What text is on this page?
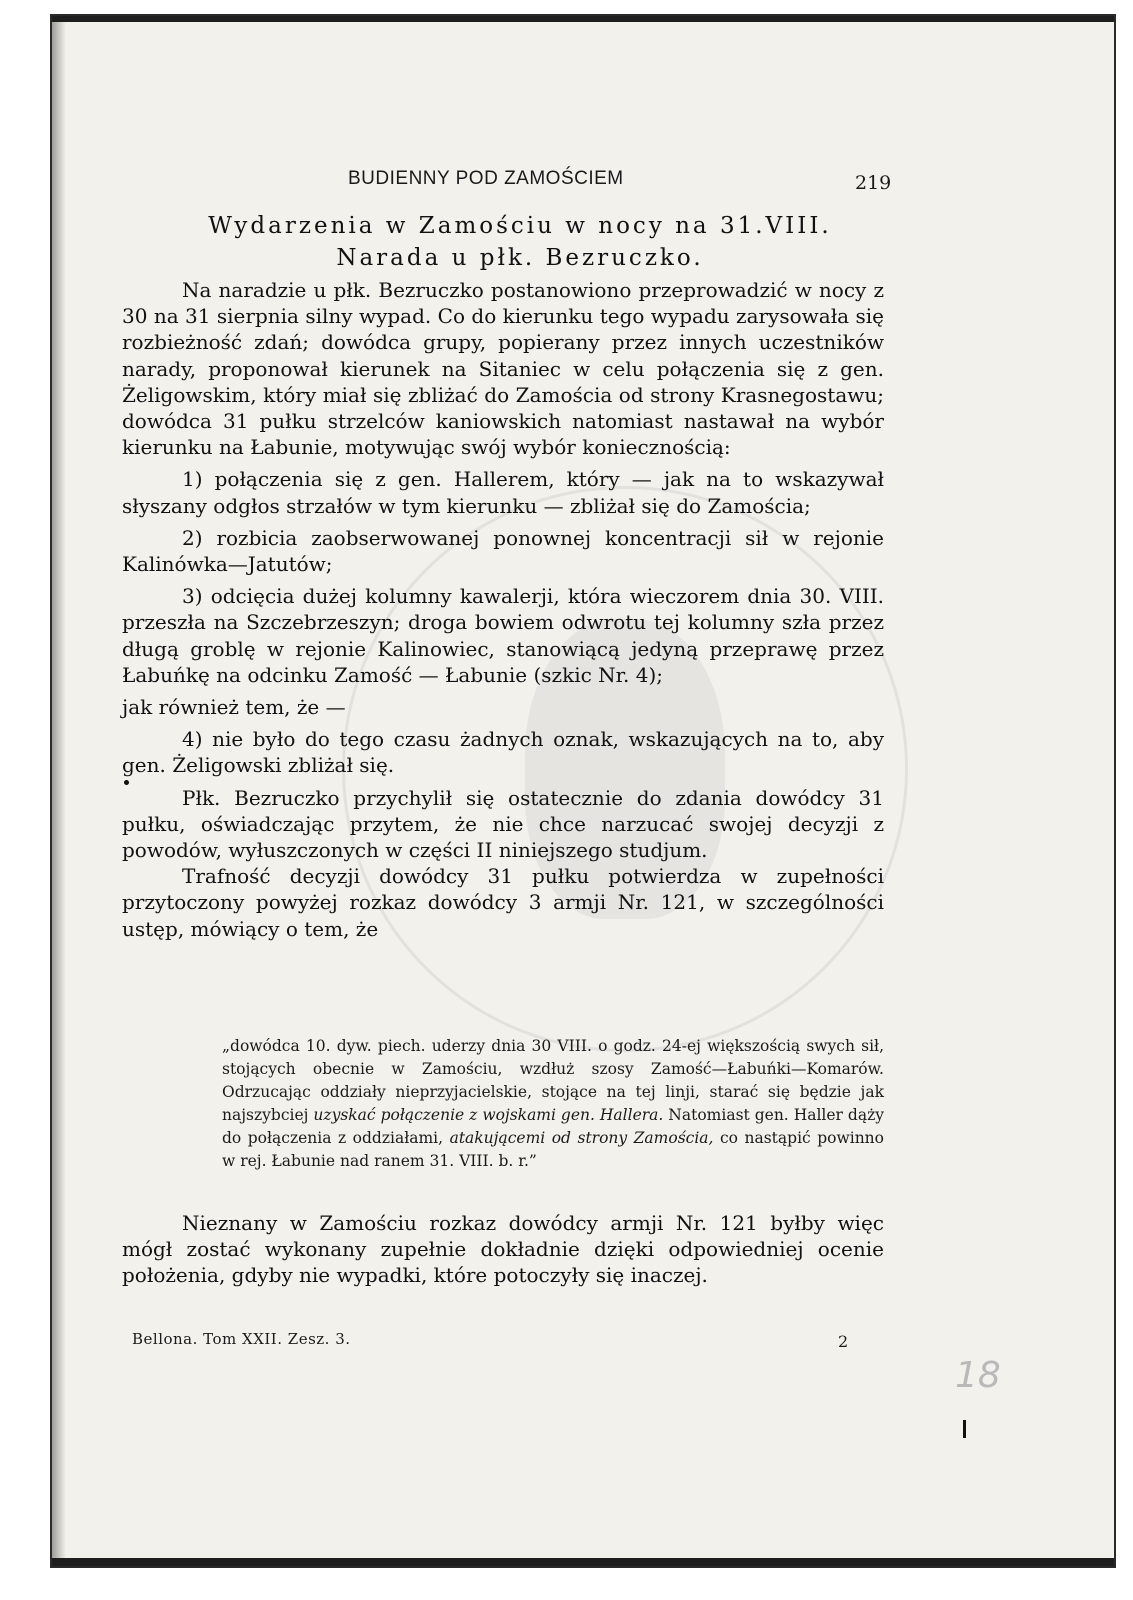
BUDIENNY POD ZAMOŚCIEM	219
Wydarzenia w Zamościu w nocy na 31.VIII.
Narada u płk. Bezruczko.

Na naradzie u płk. Bezruczko postanowiono przeprowadzić w nocy z 30 na 31 sierpnia silny wypad. Co do kierunku tego wypadu zarysowała się rozbieżność zdań; dowódca grupy, popierany przez innych uczestników narady, proponował kierunek na Sitaniec w celu połączenia się z gen. Żeligowskim, który miał się zbliżać do Zamościa od strony Krasnegostawu; dowódca 31 pułku strzelców kaniowskich natomiast nastawał na wybór kierunku na Łabunie, motywując swój wybór koniecznością:

1) połączenia się z gen. Hallerem, który — jak na to wskazywał słyszany odgłos strzałów w tym kierunku — zbliżał się do Zamościa;

2) rozbicia zaobserwowanej ponownej koncentracji sił w rejonie Kalinówka—Jatutów;

3) odcięcia dużej kolumny kawalerji, która wieczorem dnia 30. VIII. przeszła na Szczebrzeszyn; droga bowiem odwrotu tej kolumny szła przez długą groblę w rejonie Kalinowiec, stanowiącą jedyną przeprawę przez Łabuńkę na odcinku Zamość — Łabunie (szkic Nr. 4);

jak również tem, że —

4) nie było do tego czasu żadnych oznak, wskazujących na to, aby gen. Żeligowski zbliżał się.

Płk. Bezruczko przychylił się ostatecznie do zdania dowódcy 31 pułku, oświadczając przytem, że nie chce narzucać swojej decyzji z powodów, wyłuszczonych w części II niniejszego studjum.

Trafność decyzji dowódcy 31 pułku potwierdza w zupełności przytoczony powyżej rozkaz dowódcy 3 armji Nr. 121, w szczególności ustęp, mówiący o tem, że

„dowódca 10. dyw. piech. uderzy dnia 30 VIII. o godz. 24-ej większością swych sił, stojących obecnie w Zamościu, wzdłuż szosy Zamość—Łabuńki—Komarów. Odrzucając oddziały nieprzyjacielskie, stojące na tej linji, starać się będzie jak najszybciej uzyskać połączenie z wojskami gen. Hallera. Natomiast gen. Haller dąży do połączenia z oddziałami, atakującemi od strony Zamościa, co nastąpić powinno w rej. Łabunie nad ranem 31. VIII. b. r.”

Nieznany w Zamościu rozkaz dowódcy armji Nr. 121 byłby więc mógł zostać wykonany zupełnie dokładnie dzięki odpowiedniej ocenie położenia, gdyby nie wypadki, które potoczyły się inaczej.

Bellona. Tom XXII. Zesz. 3.	2
18
